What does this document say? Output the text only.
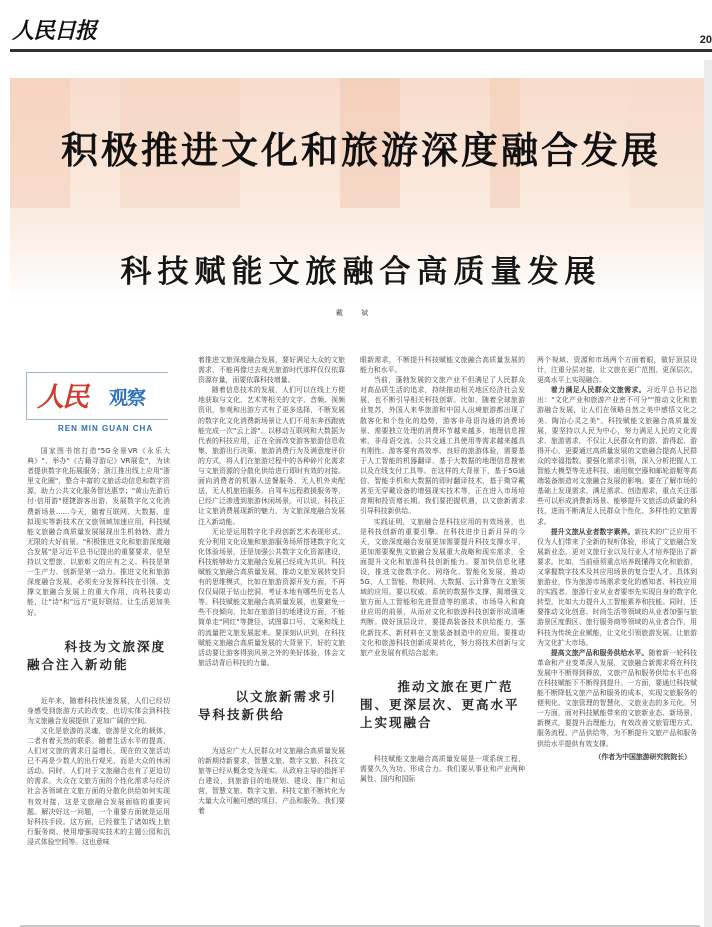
人民日报	20
积极推进文化和旅游深度融合发展
科技赋能文旅融合高质量发展
戴 斌
人民 观察
REN MIN GUAN CHA

国家图书馆打造"5G全景VR《永乐大典》"、举办"《古籍寻游记》VR展览"，为读者提供数字化拓展服务；浙江推出线上应用"浙里文化圈"，整合丰富的文旅活动信息和数字资源，助力公共文化服务智达惠享；"黄山先游后付·信用游"便捷游客出游，发展数字化文化消费新场景……今天，随着互联网、大数据、虚拟现实等新技术在文旅领域加速应用，科技赋能文旅融合高质量发展展现出生机勃勃、潜力无限的大好前景。"积极推进文化和旅游深度融合发展"是习近平总书记提出的重要要求，是坚持以文塑旅、以旅彰文的应有之义。科技是第一生产力、创新是第一动力。推进文化和旅游深度融合发展，必须充分发挥科技在引领、支撑文旅融合发展上的重大作用，向科技要动能，让"诗"和"远方"更好联结，让生活更加美好。

科技为文旅深度融合注入新动能

近年来，随着科技快速发展，人们已经切身感受到旅游方式的改变，也切实体会到科技为文旅融合发展提供了更加广阔的空间。

文化是旅游的灵魂，旅游是文化的载体，二者有着天然的联系。随着生活水平的提高，人们对文旅的需求日益增长，现在的文旅活动已不再是少数人的出行观光，而是大众的休闲活动。同时，人们对于文旅融合也有了更迫切的需求。大众在文旅方面的个性化需求与经济社会各领域在文旅方面的分散化供给如何实现有效对接，这是文旅融合发展面临的重要问题。解决好这一问题，一个重要方面就是运用好科技手段。这方面，已经催生了诸如线上旅行服务商、使用增强现实技术的主题公园和沉浸式体验空间等。这也意味

着推进文旅深度融合发展，要好满足大众的文旅需求，不能再像过去观光旅游时代那样仅仅依靠资源存量，而要依靠科技增量。

随着信息技术的发展，人们可以在线上方便地获取与文化、艺术等相关的文字、音频、视频资讯，参观和出游方式有了更多选择，不断发展的数字化文化消费新场景让人们不用东奔西跑就能完成一次"云上游"。以移动互联网和大数据为代表的科技应用，正在全面改变游客旅游信息收集、旅游出行决策、旅游消费行为及满意度评价的方式，将人们在旅游过程中的各种碎片化需求与文旅资源的分散化供给进行即时有效的对接。面向消费者的机器人送餐服务、无人机外卖配送、无人机旅拍服务、自驾车远程救援服务等，已经广泛渗透到旅游休闲场景。可以说，科技正让文旅消费展现新的魅力，为文旅深度融合发展注入新动能。

无论是运用数字化手段创新艺术表现形式、充分利用文化设施和旅游服务场所搭建数字化文化体验场景，还是加强公共数字文化资源建设，科技能够助力文旅融合发展已经成为共识。科技赋能文旅融合高质量发展，推动文旅发展转变旧有的思维模式，比如在旅游资源开发方面，不再仅仅局限于钻山挖洞，考证本地有哪些历史名人等。科技赋能文旅融合高质量发展，也要避免一些不良倾向，比如在旅游目的地建设方面，不能简单走"网红"等捷径，试图靠口号、文案和线上的流量把文旅发展起来。要深刻认识到，在科技赋能文旅融合高质量发展的大背景下，好的文旅活动要让游客得到风景之外的美好体验，体会文旅活动背后科技的力量。

以文旅新需求引导科技新供给

为适应广大人民群众对文旅融合高质量发展的新期待新要求，智慧文旅、数字文旅、科技文旅等已经从概念变为现实。从政府主导的指挥平台建设，到旅游目的地规划、建设、推广和运营，智慧文旅、数字文旅、科技文旅不断转化为大量大众可触可感的项目、产品和服务。我们要着

眼新需求，不断提升科技赋能文旅融合高质量发展的能力和水平。

当前，蓬勃发展的文旅产业不但满足了人民群众对高品质生活的追求，持续推动相关地区经济社会发展，也不断引导相关科技创新。比如，随着全球旅游业复苏，外国人来华旅游和中国人出境旅游都出现了散客化和个性化的趋势，游客非母语沟通的消费场景、需要独立处理的消费环节越来越多，地理信息搜索、非母语交流、公共交通工具使用等需求越来越具有刚性。游客要有高效率、良好的旅游体验，需要基于人工智能的机器翻译、基于大数据的地理信息搜索以及在线支付工具等。在这样的大背景下，基于5G通信、智能手机和大数据的即时翻译技术，基于微穿戴甚至无穿戴设备的增强现实技术等，正在进入市场培育期和投资增长期。我们要把握机遇，以文旅新需求引导科技新供给。

实践证明，文旅融合是科技应用的有效场景，也是科技创新的重要引擎。在科技进步日新月异的今天，文旅深度融合发展更加需要提升科技支撑水平，更加需要聚焦文旅融合发展重大战略和现实需求，全面提升文化和旅游科技创新能力。要加快信息化建设，推进文旅数字化、网络化、智能化发展，推动5G、人工智能、物联网、大数据、云计算等在文旅领域的应用。要以权威、系统的数据作支撑，揭增强文旅方面人工智能和先进智造等的需求、市场导入和商业应用的前景，从而对文化和旅游科技创新形成清晰判断。做好顶层设计，要提高装备技术供给能力，强化新技术、新材料在文旅装备制造中的应用。要推动文化和旅游科技创新成果转化，努力将技术创新与文旅产业发展有机结合起来。

推动文旅在更广范围、更深层次、更高水平上实现融合

科技赋能文旅融合高质量发展是一项系统工程，需要久久为功、形成合力。我们要从事业和产业两种属性、国内和国际

两个视域、资源和市场两个方面着眼，做好顶层设计，注重分层对接，让文旅在更广范围、更深层次、更高水平上实现融合。

着力满足人民群众文旅需求。习近平总书记指出："文化产业和旅游产业密不可分""推动文化和旅游融合发展，让人们在领略自然之美中感悟文化之美、陶冶心灵之美"。科技赋能文旅融合高质量发展，要坚持以人民为中心，努力满足人民的文化需求、旅游需求，不仅让人民群众有的游、游得起、游得开心，更要通过高质量发展的文旅融合提高人民群众的幸福指数。要强化需求引领，深入分析把握人工智能大模型等先进科技、通用航空器和邮轮游艇等高端装备制造对文旅融合发展的影响。要在了解市场的基础上发现需求、满足需求、创造需求，重点关注那些可以形成消费新场景、能够提升文旅活动质量的科技，进而不断满足人民群众个性化、多样性的文旅需求。

提升文旅从业者数字素养。新技术的广泛应用不仅为人们带来了全新的视听体验，形成了文旅融合发展新业态，更对文旅行业以及行业人才培养提出了新要求。比如，当前亟须重点培养既懂得文化和旅游，又掌握数字技术及其应用场景的复合型人才。具体到旅游业，作为旅游市场需求变化的感知者、科技应用的实践者，旅游行业从业者要率先实现自身的数字化转型，比如大力提升人工智能素养和技能。同时，还要推动文化创意、时尚生活等领域的从业者加强与旅游景区度假区、旅行服务商等领域的从业者合作，用科技为传统企业赋能，让文化引领旅游发展、让旅游为文化扩大市场。

提高文旅产品和服务供给水平。随着新一轮科技革命和产业变革深入发展，文旅融合新需求将在科技发展中不断得到释放，文旅产品和服务供给水平也将在科技赋能下不断得到提升。一方面，要通过科技赋能不断降低文旅产品和服务的成本，实现文旅服务的便利化、文旅管理的智慧化、文旅业态的多元化。另一方面，面对科技赋能带来的文旅新业态、新场景、新模式，要提升治理能力，有效改善文旅管理方式、服务流程、产品供给等，为不断提升文旅产品和服务供给水平提供有效支撑。

（作者为中国旅游研究院院长）
